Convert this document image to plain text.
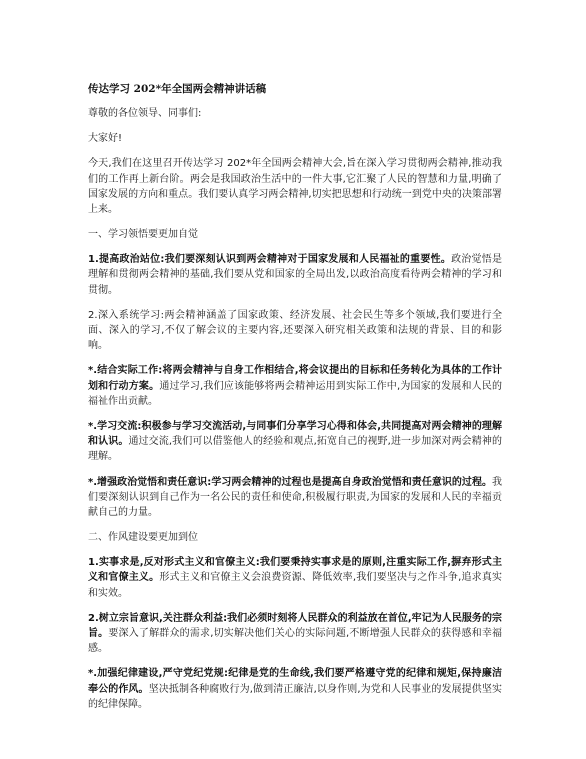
传达学习 202*年全国两会精神讲话稿
尊敬的各位领导、同事们:
大家好!
今天,我们在这里召开传达学习 202*年全国两会精神大会,旨在深入学习贯彻两会精神,推动我们的工作再上新台阶。两会是我国政治生活中的一件大事,它汇聚了人民的智慧和力量,明确了国家发展的方向和重点。我们要认真学习两会精神,切实把思想和行动统一到党中央的决策部署上来。
一、学习领悟要更加自觉
1.提高政治站位:我们要深刻认识到两会精神对于国家发展和人民福祉的重要性。政治觉悟是理解和贯彻两会精神的基础,我们要从党和国家的全局出发,以政治高度看待两会精神的学习和贯彻。
2.深入系统学习:两会精神涵盖了国家政策、经济发展、社会民生等多个领域,我们要进行全面、深入的学习,不仅了解会议的主要内容,还要深入研究相关政策和法规的背景、目的和影响。
*.结合实际工作:将两会精神与自身工作相结合,将会议提出的目标和任务转化为具体的工作计划和行动方案。通过学习,我们应该能够将两会精神运用到实际工作中,为国家的发展和人民的福祉作出贡献。
*.学习交流:积极参与学习交流活动,与同事们分享学习心得和体会,共同提高对两会精神的理解和认识。通过交流,我们可以借鉴他人的经验和观点,拓宽自己的视野,进一步加深对两会精神的理解。
*.增强政治觉悟和责任意识:学习两会精神的过程也是提高自身政治觉悟和责任意识的过程。我们要深刻认识到自己作为一名公民的责任和使命,积极履行职责,为国家的发展和人民的幸福贡献自己的力量。
二、作风建设要更加到位
1.实事求是,反对形式主义和官僚主义:我们要秉持实事求是的原则,注重实际工作,摒弃形式主义和官僚主义。形式主义和官僚主义会浪费资源、降低效率,我们要坚决与之作斗争,追求真实和实效。
2.树立宗旨意识,关注群众利益:我们必须时刻将人民群众的利益放在首位,牢记为人民服务的宗旨。要深入了解群众的需求,切实解决他们关心的实际问题,不断增强人民群众的获得感和幸福感。
*.加强纪律建设,严守党纪党规:纪律是党的生命线,我们要严格遵守党的纪律和规矩,保持廉洁奉公的作风。坚决抵制各种腐败行为,做到清正廉洁,以身作则,为党和人民事业的发展提供坚实的纪律保障。
